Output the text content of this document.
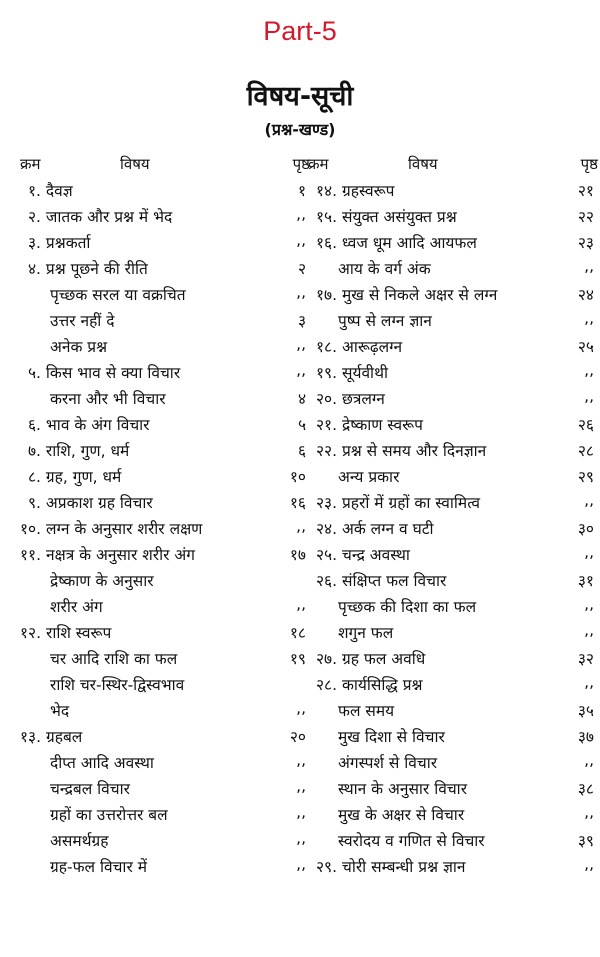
Part-5
विषय-सूची
(प्रश्न-खण्ड)
क्रम	विषय	पृष्ठ
१. दैवज्ञ	१
२. जातक और प्रश्न में भेद	,,
३. प्रश्नकर्ता	,,
४. प्रश्न पूछने की रीति	२
पृच्छक सरल या वक्रचित	,,
उत्तर नहीं दे	३
अनेक प्रश्न	,,
५. किस भाव से क्या विचार	,,
करना और भी विचार	४
६. भाव के अंग विचार	५
७. राशि, गुण, धर्म	६
८. ग्रह, गुण, धर्म	१०
९. अप्रकाश ग्रह विचार	१६
१०. लग्न के अनुसार शरीर लक्षण	,,
११. नक्षत्र के अनुसार शरीर अंग	१७
द्रेष्काण के अनुसार
शरीर अंग	,,
१२. राशि स्वरूप	१८
चर आदि राशि का फल	१९
राशि चर-स्थिर-द्विस्वभाव
भेद	,,
१३. ग्रहबल	२०
दीप्त आदि अवस्था	,,
चन्द्रबल विचार	,,
ग्रहों का उत्तरोत्तर बल	,,
असमर्थग्रह	,,
ग्रह-फल विचार में	,,
क्रम	विषय	पृष्ठ
१४. ग्रहस्वरूप	२१
१५. संयुक्त असंयुक्त प्रश्न	२२
१६. ध्वज धूम आदि आयफल	२३
आय के वर्ग अंक	,,
१७. मुख से निकले अक्षर से लग्न	२४
पुष्प से लग्न ज्ञान	,,
१८. आरूढ़लग्न	२५
१९. सूर्यवीथी	,,
२०. छत्रलग्न	,,
२१. द्रेष्काण स्वरूप	२६
२२. प्रश्न से समय और दिनज्ञान	२८
अन्य प्रकार	२९
२३. प्रहरों में ग्रहों का स्वामित्व	,,
२४. अर्क लग्न व घटी	३०
२५. चन्द्र अवस्था	,,
२६. संक्षिप्त फल विचार	३१
पृच्छक की दिशा का फल	,,
शगुन फल	,,
२७. ग्रह फल अवधि	३२
२८. कार्यसिद्धि प्रश्न	,,
फल समय	३५
मुख दिशा से विचार	३७
अंगस्पर्श से विचार	,,
स्थान के अनुसार विचार	३८
मुख के अक्षर से विचार	,,
स्वरोदय व गणित से विचार	३९
२९. चोरी सम्बन्धी प्रश्न ज्ञान	,,
